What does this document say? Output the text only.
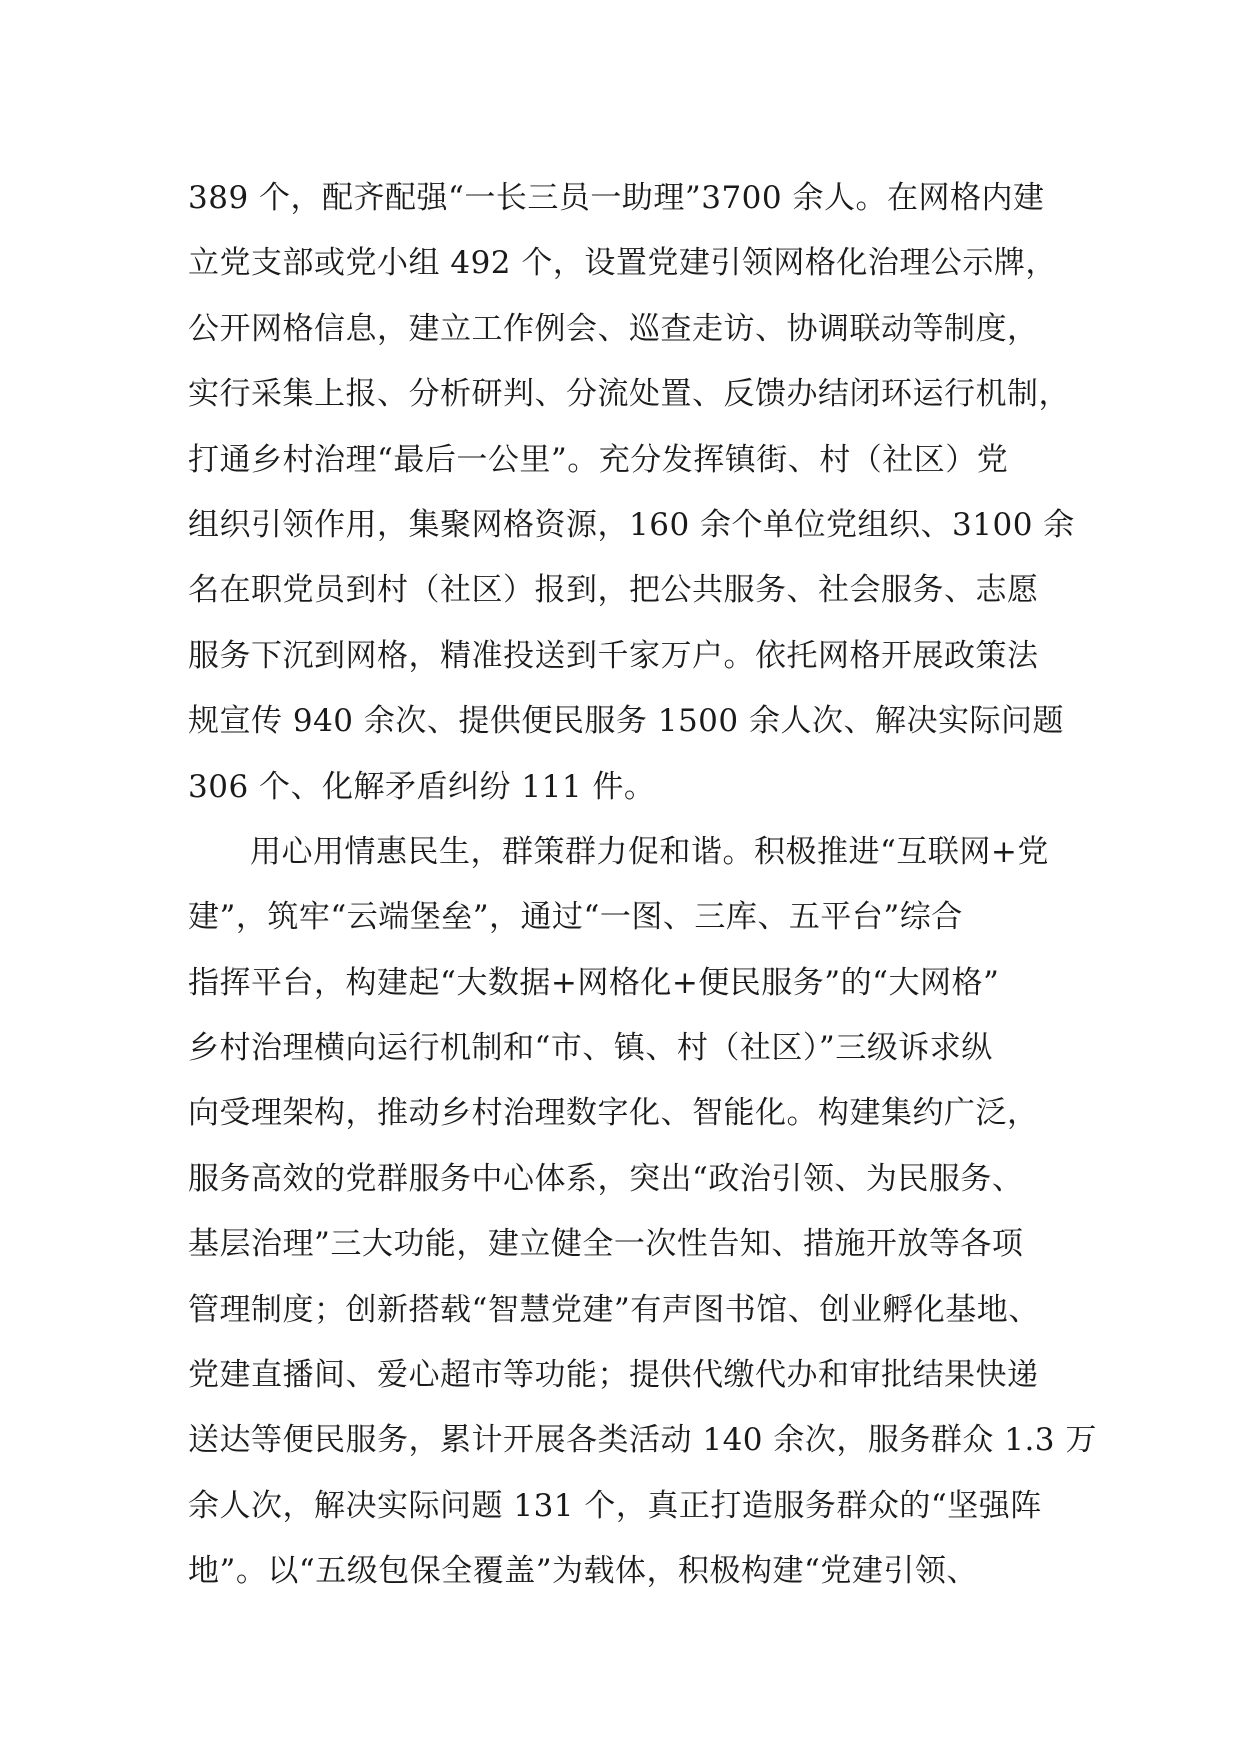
389 个，配齐配强“一长三员一助理”3700 余人。在网格内建
立党支部或党小组 492 个，设置党建引领网格化治理公示牌，
公开网格信息，建立工作例会、巡查走访、协调联动等制度，
实行采集上报、分析研判、分流处置、反馈办结闭环运行机制，
打通乡村治理“最后一公里”。充分发挥镇街、村（社区）党
组织引领作用，集聚网格资源，160 余个单位党组织、3100 余
名在职党员到村（社区）报到，把公共服务、社会服务、志愿
服务下沉到网格，精准投送到千家万户。依托网格开展政策法
规宣传 940 余次、提供便民服务 1500 余人次、解决实际问题
306 个、化解矛盾纠纷 111 件。
用心用情惠民生，群策群力促和谐。积极推进“互联网+党
建”，筑牢“云端堡垒”，通过“一图、三库、五平台”综合
指挥平台，构建起“大数据+网格化+便民服务”的“大网格”
乡村治理横向运行机制和“市、镇、村（社区）”三级诉求纵
向受理架构，推动乡村治理数字化、智能化。构建集约广泛，
服务高效的党群服务中心体系，突出“政治引领、为民服务、
基层治理”三大功能，建立健全一次性告知、措施开放等各项
管理制度；创新搭载“智慧党建”有声图书馆、创业孵化基地、
党建直播间、爱心超市等功能；提供代缴代办和审批结果快递
送达等便民服务，累计开展各类活动 140 余次，服务群众 1.3 万
余人次，解决实际问题 131 个，真正打造服务群众的“坚强阵
地”。以“五级包保全覆盖”为载体，积极构建“党建引领、
